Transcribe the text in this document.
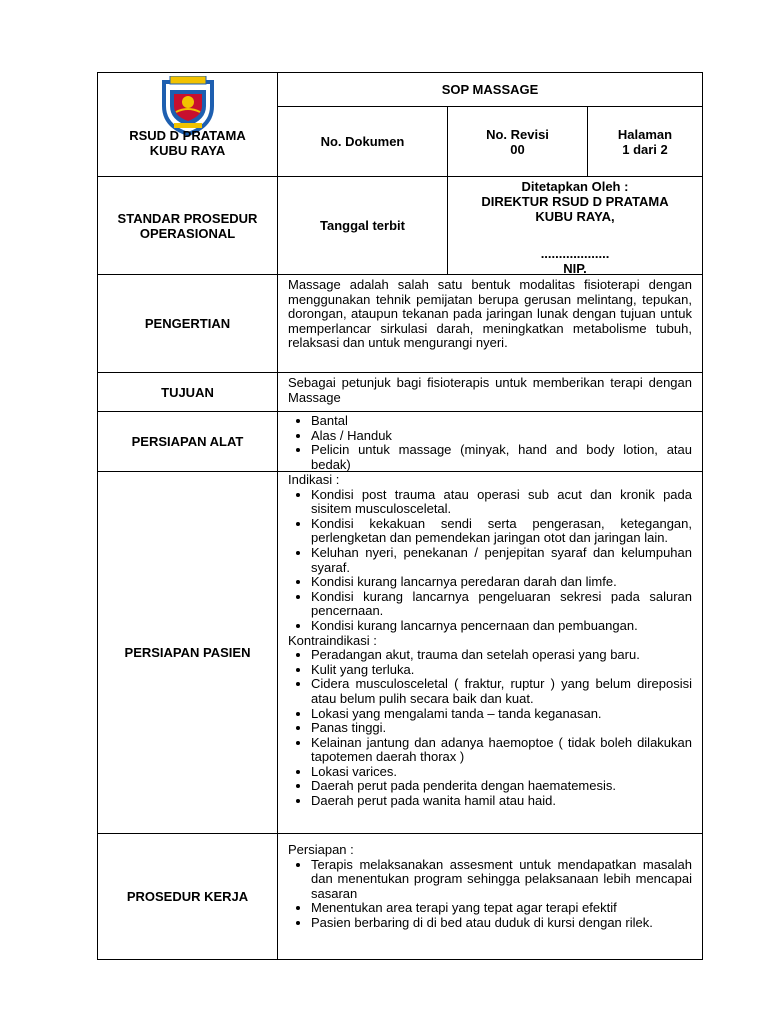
RSUD D PRATAMA
KUBU RAYA
SOP MASSAGE
No. Dokumen	No. Revisi
00
Halaman
1 dari 2
STANDAR PROSEDUR
OPERASIONAL	Tanggal terbit
Ditetapkan Oleh :
DIREKTUR RSUD D PRATAMA
KUBU RAYA,
...................
NIP.
PENGERTIAN

Massage adalah salah satu bentuk modalitas fisioterapi dengan menggunakan tehnik pemijatan berupa gerusan melintang, tepukan, dorongan, ataupun tekanan pada jaringan lunak dengan tujuan untuk memperlancar sirkulasi darah, meningkatkan metabolisme tubuh, relaksasi dan untuk mengurangi nyeri.

TUJUAN

Sebagai petunjuk bagi fisioterapis untuk memberikan terapi dengan Massage

PERSIAPAN ALAT
• Bantal
• Alas / Handuk
• Pelicin untuk massage (minyak, hand and body lotion, atau bedak)
PERSIAPAN PASIEN

Indikasi :

• Kondisi post trauma atau operasi sub acut dan kronik pada sisitem musculosceletal.
• Kondisi kekakuan sendi serta pengerasan, ketegangan, perlengketan dan pemendekan jaringan otot dan jaringan lain.
• Keluhan nyeri, penekanan / penjepitan syaraf dan kelumpuhan syaraf.
• Kondisi kurang lancarnya peredaran darah dan limfe.
• Kondisi kurang lancarnya pengeluaran sekresi pada saluran pencernaan.
• Kondisi kurang lancarnya pencernaan dan pembuangan.

Kontraindikasi :

• Peradangan akut, trauma dan setelah operasi yang baru.
• Kulit yang terluka.
• Cidera musculosceletal ( fraktur, ruptur ) yang belum direposisi atau belum pulih secara baik dan kuat.
• Lokasi yang mengalami tanda – tanda keganasan.
• Panas tinggi.
• Kelainan jantung dan adanya haemoptoe ( tidak boleh dilakukan tapotemen daerah thorax )
• Lokasi varices.
• Daerah perut pada penderita dengan haematemesis.
• Daerah perut pada wanita hamil atau haid.
PROSEDUR KERJA

Persiapan :

• Terapis melaksanakan assesment untuk mendapatkan masalah dan menentukan program sehingga pelaksanaan lebih mencapai sasaran
• Menentukan area terapi yang tepat agar terapi efektif
• Pasien berbaring di di bed atau duduk di kursi dengan rilek.
